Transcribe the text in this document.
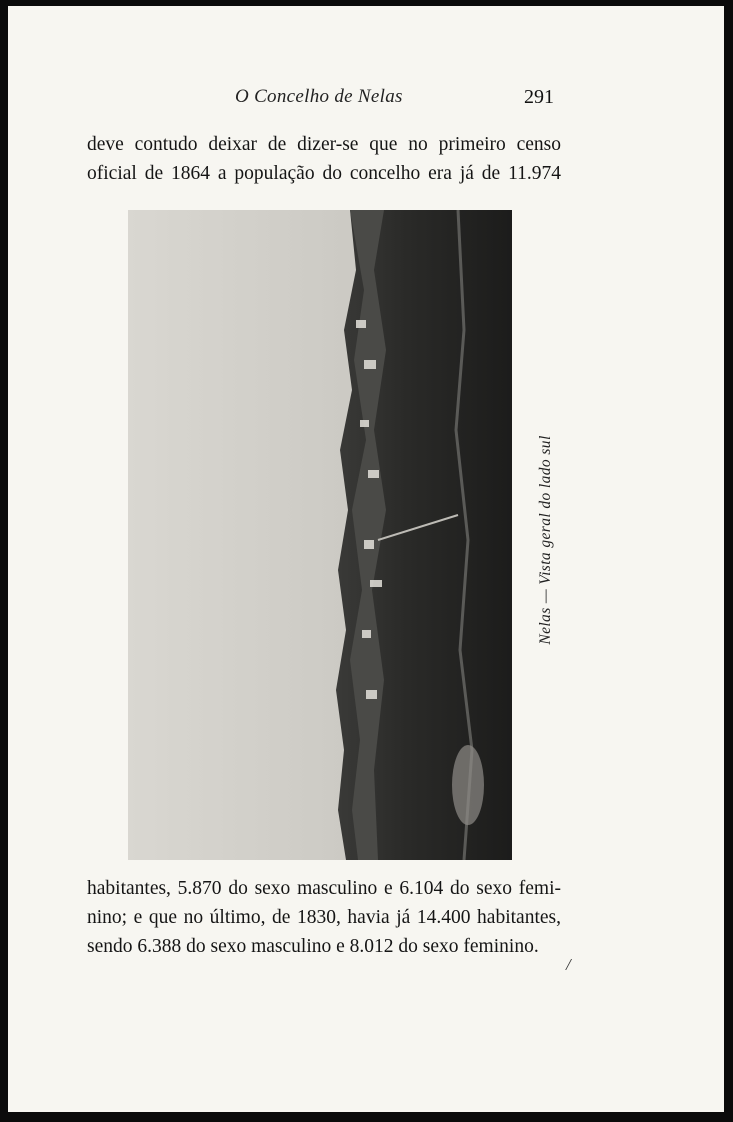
O Concelho de Nelas	291
deve contudo deixar de dizer-se que no primeiro censo
oficial de 1864 a população do concelho era já de 11.974
Nelas — Vista geral do lado sul
habitantes, 5.870 do sexo masculino e 6.104 do sexo femi-
nino; e que no último, de 1830, havia já 14.400 habitantes,
sendo 6.388 do sexo masculino e 8.012 do sexo feminino.
/
